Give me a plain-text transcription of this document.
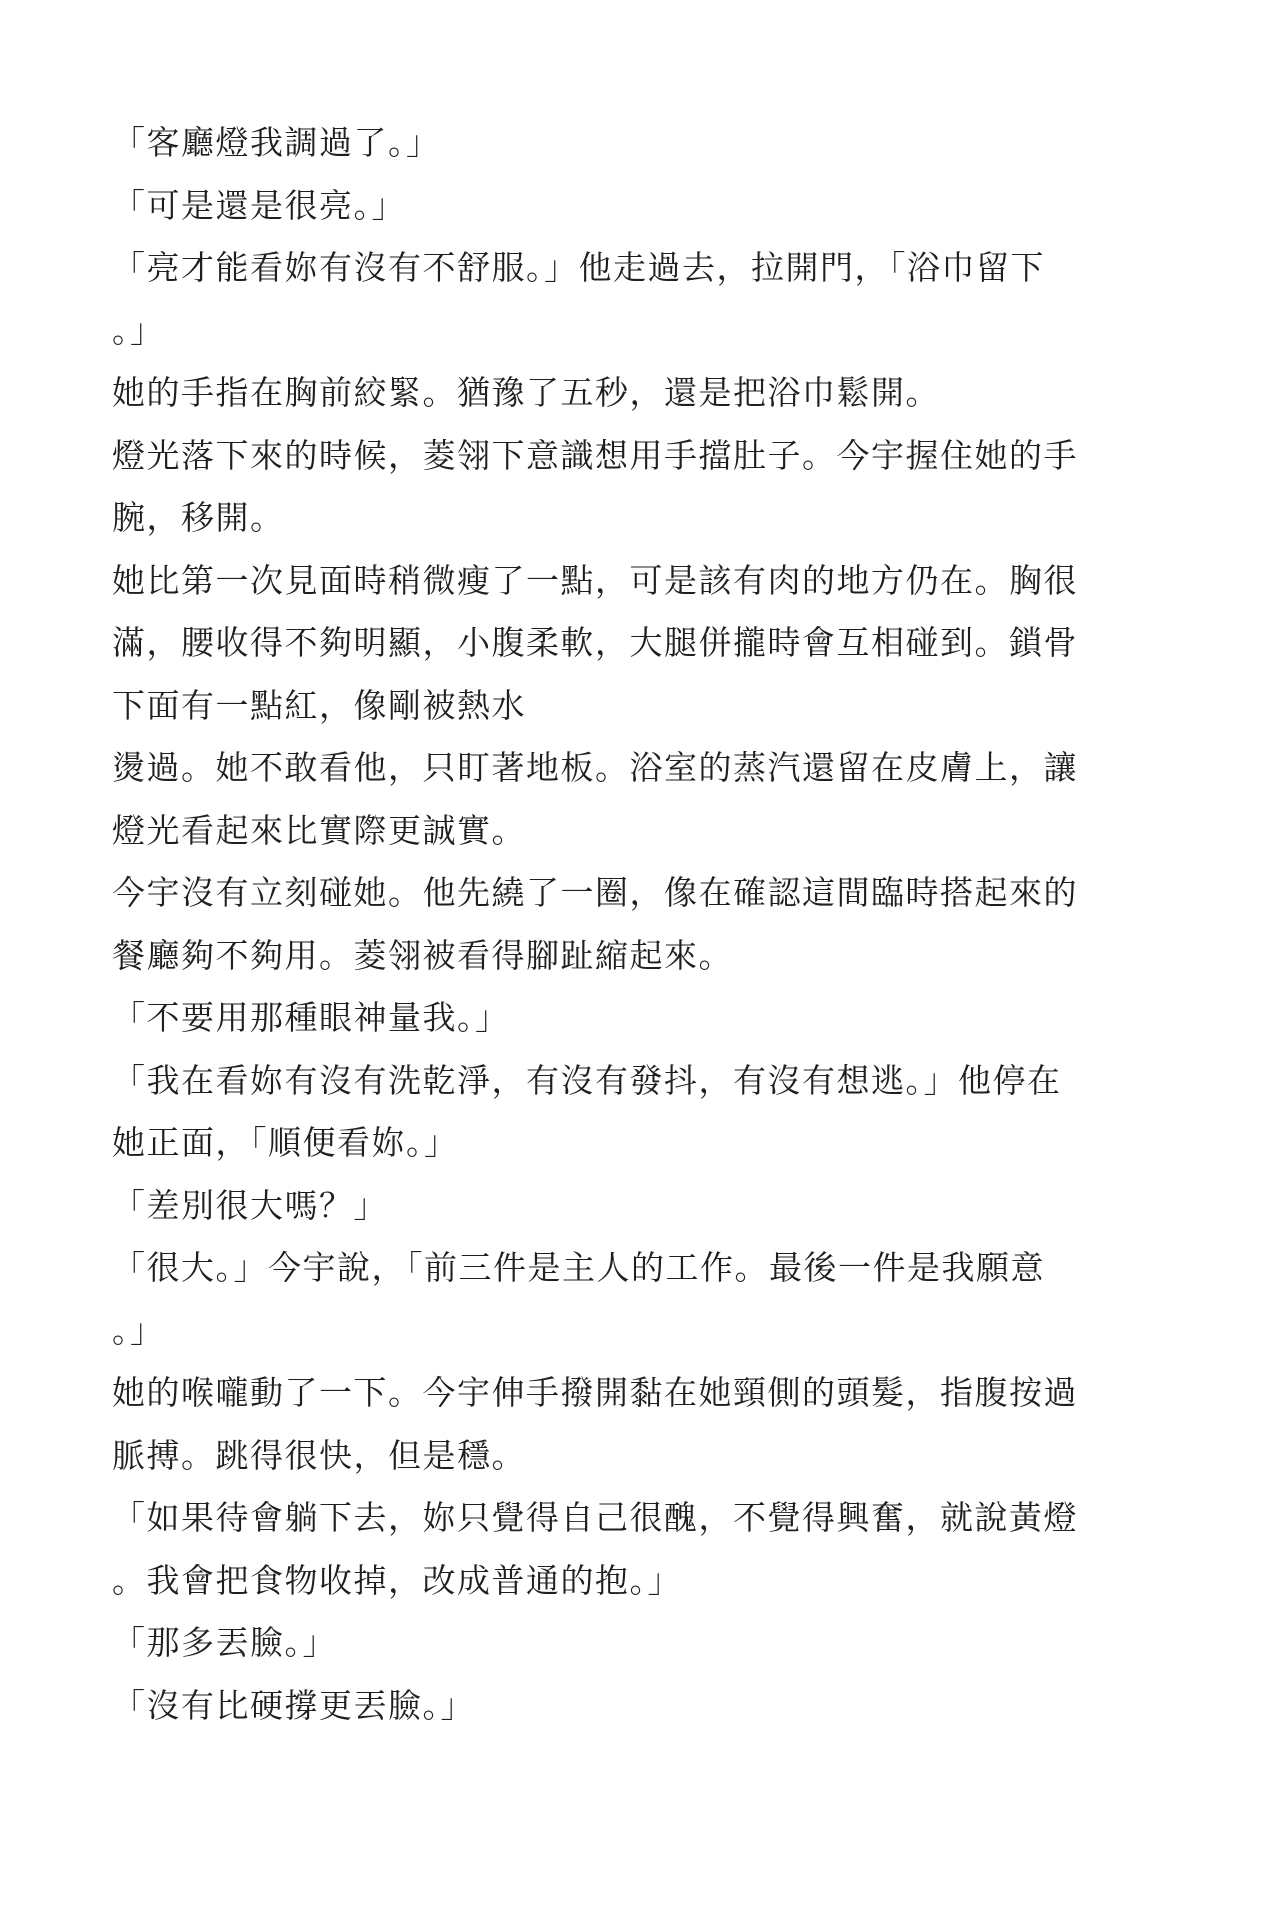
「客廳燈我調過了。」
「可是還是很亮。」
「亮才能看妳有沒有不舒服。」他走過去，拉開門，「浴巾留下
。」
她的手指在胸前絞緊。猶豫了五秒，還是把浴巾鬆開。
燈光落下來的時候，菱翎下意識想用手擋肚子。今宇握住她的手
腕，移開。
她比第一次見面時稍微瘦了一點，可是該有肉的地方仍在。胸很
滿，腰收得不夠明顯，小腹柔軟，大腿併攏時會互相碰到。鎖骨
下面有一點紅，像剛被熱水
燙過。她不敢看他，只盯著地板。浴室的蒸汽還留在皮膚上，讓
燈光看起來比實際更誠實。
今宇沒有立刻碰她。他先繞了一圈，像在確認這間臨時搭起來的
餐廳夠不夠用。菱翎被看得腳趾縮起來。
「不要用那種眼神量我。」
「我在看妳有沒有洗乾淨，有沒有發抖，有沒有想逃。」他停在
她正面，「順便看妳。」
「差別很大嗎？」
「很大。」今宇說，「前三件是主人的工作。最後一件是我願意
。」
她的喉嚨動了一下。今宇伸手撥開黏在她頸側的頭髮，指腹按過
脈搏。跳得很快，但是穩。
「如果待會躺下去，妳只覺得自己很醜，不覺得興奮，就說黃燈
。我會把食物收掉，改成普通的抱。」
「那多丟臉。」
「沒有比硬撐更丟臉。」
